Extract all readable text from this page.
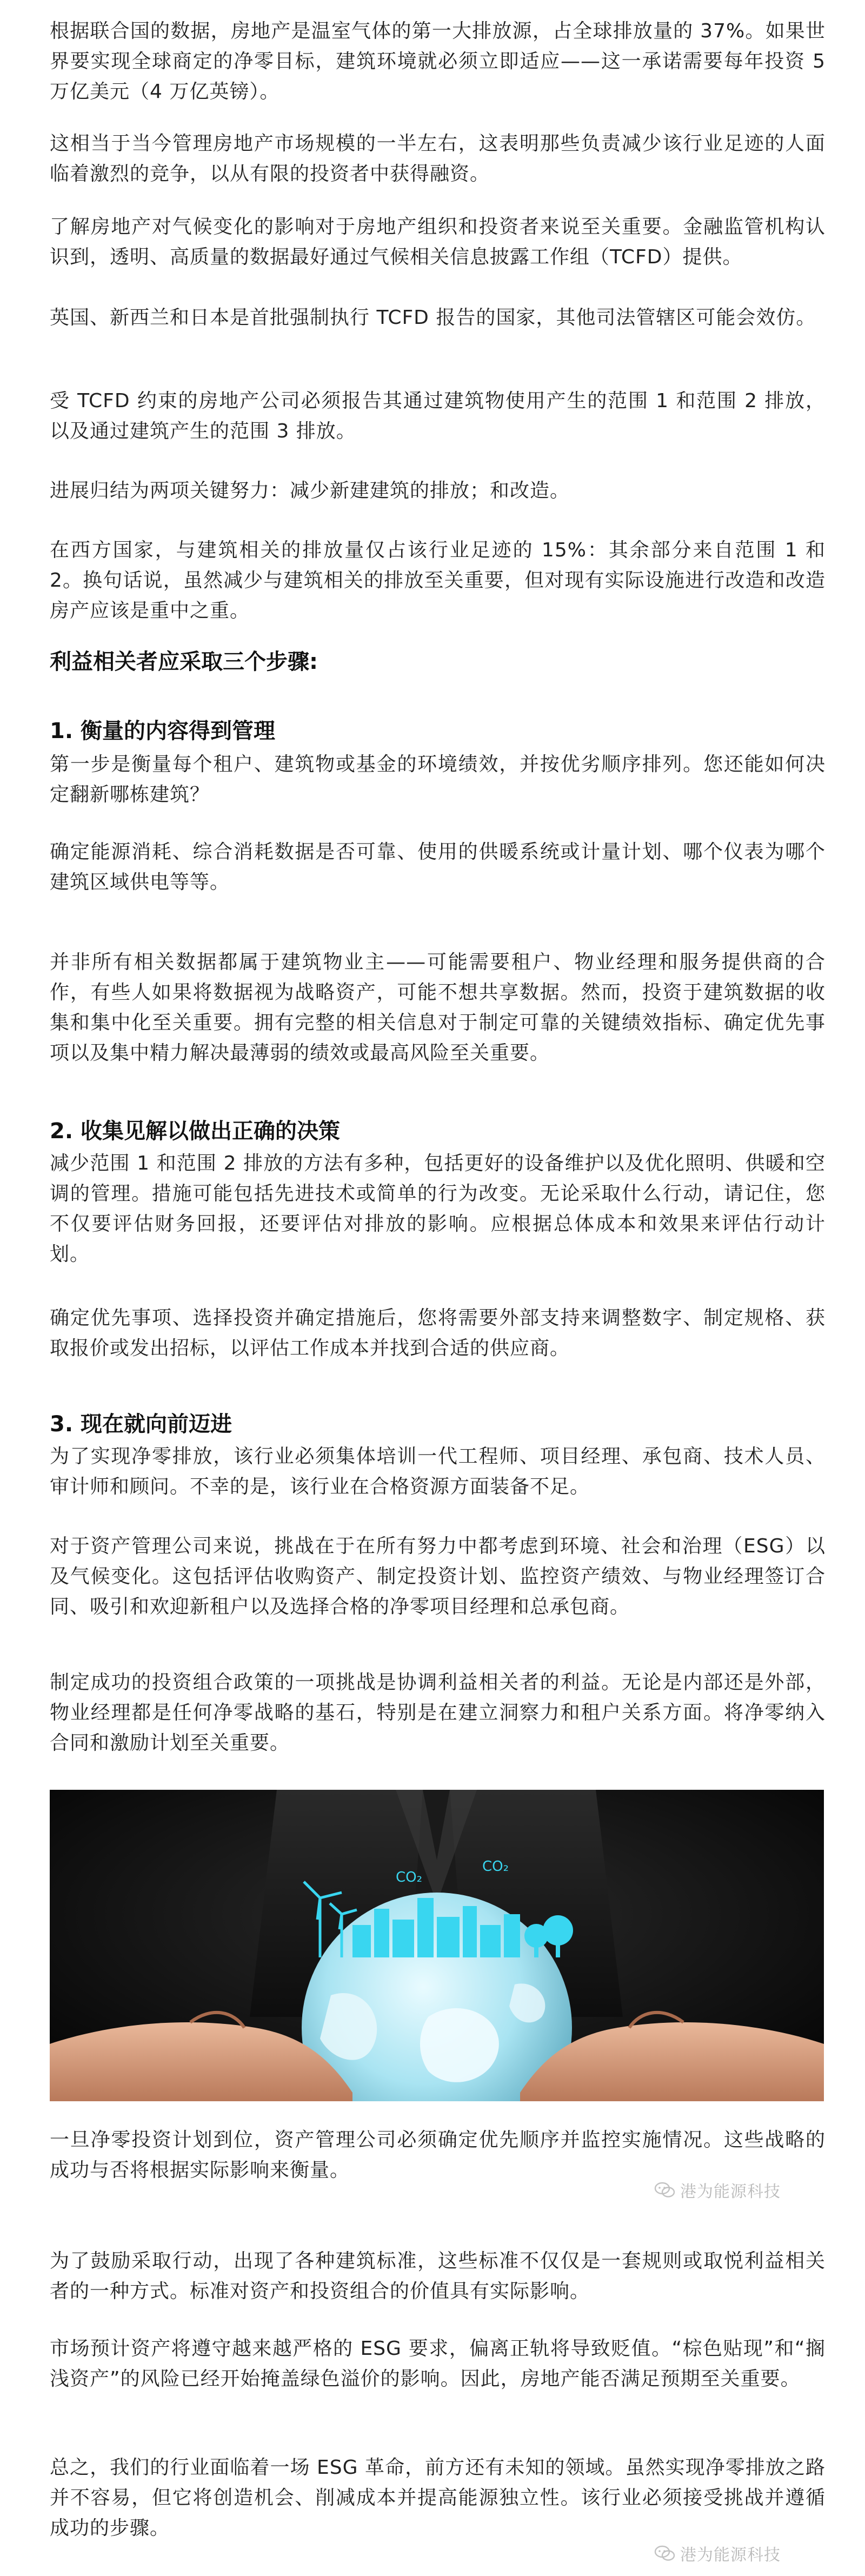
根据联合国的数据，房地产是温室气体的第一大排放源，占全球排放量的 37%。如果世界要实现全球商定的净零目标，建筑环境就必须立即适应——这一承诺需要每年投资 5 万亿美元（4 万亿英镑）。

这相当于当今管理房地产市场规模的一半左右，这表明那些负责减少该行业足迹的人面临着激烈的竞争，以从有限的投资者中获得融资。

了解房地产对气候变化的影响对于房地产组织和投资者来说至关重要。金融监管机构认识到，透明、高质量的数据最好通过气候相关信息披露工作组（TCFD）提供。

英国、新西兰和日本是首批强制执行 TCFD 报告的国家，其他司法管辖区可能会效仿。

受 TCFD 约束的房地产公司必须报告其通过建筑物使用产生的范围 1 和范围 2 排放，以及通过建筑产生的范围 3 排放。

进展归结为两项关键努力：减少新建建筑的排放；和改造。

在西方国家，与建筑相关的排放量仅占该行业足迹的 15%：其余部分来自范围 1 和 2。换句话说，虽然减少与建筑相关的排放至关重要，但对现有实际设施进行改造和改造房产应该是重中之重。

利益相关者应采取三个步骤:
1. 衡量的内容得到管理

第一步是衡量每个租户、建筑物或基金的环境绩效，并按优劣顺序排列。您还能如何决定翻新哪栋建筑？

确定能源消耗、综合消耗数据是否可靠、使用的供暖系统或计量计划、哪个仪表为哪个建筑区域供电等等。

并非所有相关数据都属于建筑物业主——可能需要租户、物业经理和服务提供商的合作，有些人如果将数据视为战略资产，可能不想共享数据。然而，投资于建筑数据的收集和集中化至关重要。拥有完整的相关信息对于制定可靠的关键绩效指标、确定优先事项以及集中精力解决最薄弱的绩效或最高风险至关重要。

2. 收集见解以做出正确的决策

减少范围 1 和范围 2 排放的方法有多种，包括更好的设备维护以及优化照明、供暖和空调的管理。措施可能包括先进技术或简单的行为改变。无论采取什么行动，请记住，您不仅要评估财务回报，还要评估对排放的影响。应根据总体成本和效果来评估行动计划。

确定优先事项、选择投资并确定措施后，您将需要外部支持来调整数字、制定规格、获取报价或发出招标，以评估工作成本并找到合适的供应商。

3. 现在就向前迈进

为了实现净零排放，该行业必须集体培训一代工程师、项目经理、承包商、技术人员、审计师和顾问。不幸的是，该行业在合格资源方面装备不足。

对于资产管理公司来说，挑战在于在所有努力中都考虑到环境、社会和治理（ESG）以及气候变化。这包括评估收购资产、制定投资计划、监控资产绩效、与物业经理签订合同、吸引和欢迎新租户以及选择合格的净零项目经理和总承包商。

制定成功的投资组合政策的一项挑战是协调利益相关者的利益。无论是内部还是外部，物业经理都是任何净零战略的基石，特别是在建立洞察力和租户关系方面。将净零纳入合同和激励计划至关重要。

CO₂
CO₂

一旦净零投资计划到位，资产管理公司必须确定优先顺序并监控实施情况。这些战略的成功与否将根据实际影响来衡量。

港为能源科技

为了鼓励采取行动，出现了各种建筑标准，这些标准不仅仅是一套规则或取悦利益相关者的一种方式。标准对资产和投资组合的价值具有实际影响。

市场预计资产将遵守越来越严格的 ESG 要求，偏离正轨将导致贬值。“棕色贴现”和“搁浅资产”的风险已经开始掩盖绿色溢价的影响。因此，房地产能否满足预期至关重要。

总之，我们的行业面临着一场 ESG 革命，前方还有未知的领域。虽然实现净零排放之路并不容易，但它将创造机会、削减成本并提高能源独立性。该行业必须接受挑战并遵循成功的步骤。

港为能源科技
